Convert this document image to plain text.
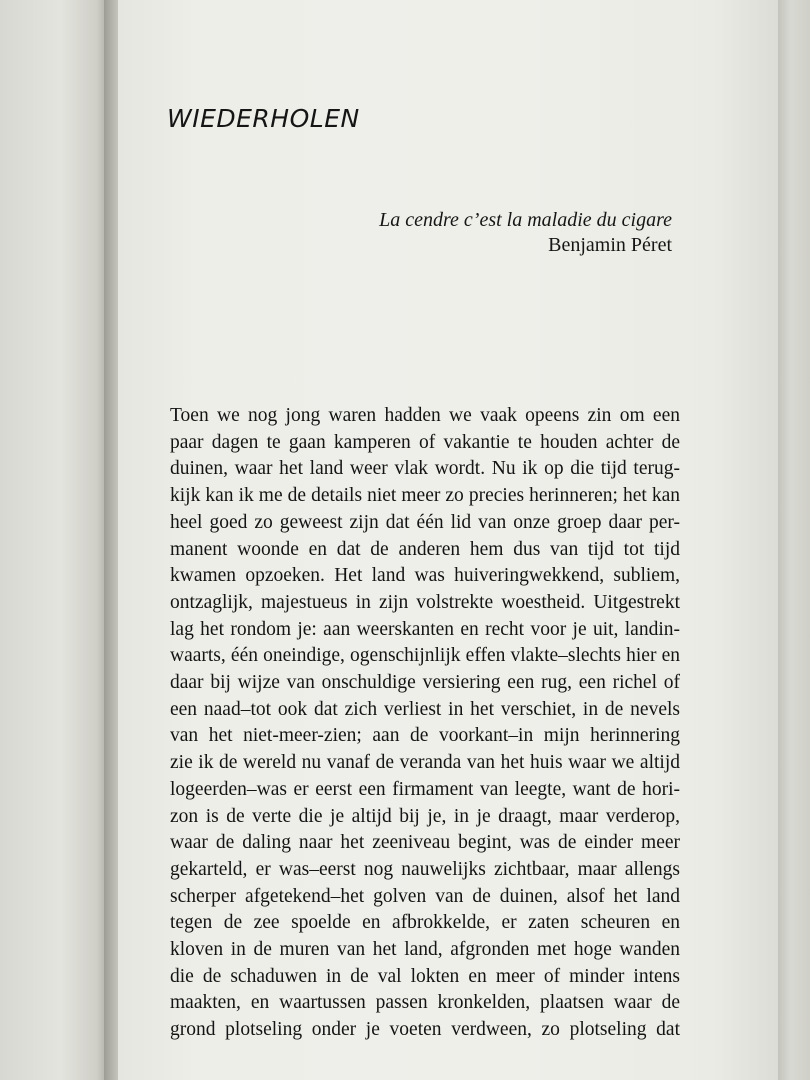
WIEDERHOLEN
La cendre c’est la maladie du cigare
Benjamin Péret
Toen we nog jong waren hadden we vaak opeens zin om een
paar dagen te gaan kamperen of vakantie te houden achter de
duinen, waar het land weer vlak wordt. Nu ik op die tijd terug-
kijk kan ik me de details niet meer zo precies herinneren; het kan
heel goed zo geweest zijn dat één lid van onze groep daar per-
manent woonde en dat de anderen hem dus van tijd tot tijd
kwamen opzoeken. Het land was huiveringwekkend, subliem,
ontzaglijk, majestueus in zijn volstrekte woestheid. Uitgestrekt
lag het rondom je: aan weerskanten en recht voor je uit, landin-
waarts, één oneindige, ogenschijnlijk effen vlakte–slechts hier en
daar bij wijze van onschuldige versiering een rug, een richel of
een naad–tot ook dat zich verliest in het verschiet, in de nevels
van het niet-meer-zien; aan de voorkant–in mijn herinnering
zie ik de wereld nu vanaf de veranda van het huis waar we altijd
logeerden–was er eerst een firmament van leegte, want de hori-
zon is de verte die je altijd bij je, in je draagt, maar verderop,
waar de daling naar het zeeniveau begint, was de einder meer
gekarteld, er was–eerst nog nauwelijks zichtbaar, maar allengs
scherper afgetekend–het golven van de duinen, alsof het land
tegen de zee spoelde en afbrokkelde, er zaten scheuren en
kloven in de muren van het land, afgronden met hoge wanden
die de schaduwen in de val lokten en meer of minder intens
maakten, en waartussen passen kronkelden, plaatsen waar de
grond plotseling onder je voeten verdween, zo plotseling dat
